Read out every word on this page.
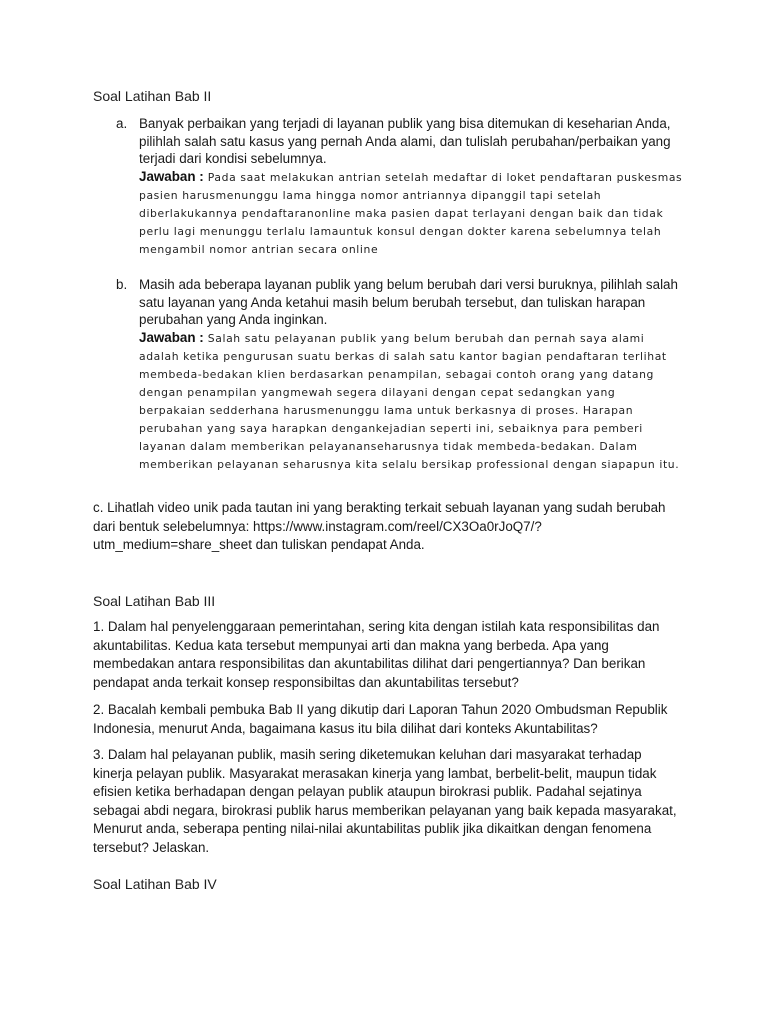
Soal Latihan Bab II
a. Banyak perbaikan yang terjadi di layanan publik yang bisa ditemukan di keseharian Anda, pilihlah salah satu kasus yang pernah Anda alami, dan tulislah perubahan/perbaikan yang terjadi dari kondisi sebelumnya.
Jawaban : Pada saat melakukan antrian setelah medaftar di loket pendaftaran puskesmas pasien harusmenunggu lama hingga nomor antriannya dipanggil tapi setelah diberlakukannya pendaftaranonline maka pasien dapat terlayani dengan baik dan tidak perlu lagi menunggu terlalu lamauntuk konsul dengan dokter karena sebelumnya telah mengambil nomor antrian secara online
b. Masih ada beberapa layanan publik yang belum berubah dari versi buruknya, pilihlah salah satu layanan yang Anda ketahui masih belum berubah tersebut, dan tuliskan harapan perubahan yang Anda inginkan.
Jawaban : Salah satu pelayanan publik yang belum berubah dan pernah saya alami adalah ketika pengurusan suatu berkas di salah satu kantor bagian pendaftaran terlihat membeda-bedakan klien berdasarkan penampilan, sebagai contoh orang yang datang dengan penampilan yangmewah segera dilayani dengan cepat sedangkan yang berpakaian sedderhana harusmenunggu lama untuk berkasnya di proses. Harapan perubahan yang saya harapkan dengankejadian seperti ini, sebaiknya para pemberi layanan dalam memberikan pelayananseharusnya tidak membeda-bedakan. Dalam memberikan pelayanan seharusnya kita selalu bersikap professional dengan siapapun itu.
c. Lihatlah video unik pada tautan ini yang berakting terkait sebuah layanan yang sudah berubah dari bentuk selebelumnya: https://www.instagram.com/reel/CX3Oa0rJoQ7/?utm_medium=share_sheet dan tuliskan pendapat Anda.
Soal Latihan Bab III
1. Dalam hal penyelenggaraan pemerintahan, sering kita dengan istilah kata responsibilitas dan akuntabilitas. Kedua kata tersebut mempunyai arti dan makna yang berbeda. Apa yang membedakan antara responsibilitas dan akuntabilitas dilihat dari pengertiannya? Dan berikan pendapat anda terkait konsep responsibiltas dan akuntabilitas tersebut?
2. Bacalah kembali pembuka Bab II yang dikutip dari Laporan Tahun 2020 Ombudsman Republik Indonesia, menurut Anda, bagaimana kasus itu bila dilihat dari konteks Akuntabilitas?
3. Dalam hal pelayanan publik, masih sering diketemukan keluhan dari masyarakat terhadap kinerja pelayan publik. Masyarakat merasakan kinerja yang lambat, berbelit-belit, maupun tidak efisien ketika berhadapan dengan pelayan publik ataupun birokrasi publik. Padahal sejatinya sebagai abdi negara, birokrasi publik harus memberikan pelayanan yang baik kepada masyarakat, Menurut anda, seberapa penting nilai-nilai akuntabilitas publik jika dikaitkan dengan fenomena tersebut? Jelaskan.
Soal Latihan Bab IV
